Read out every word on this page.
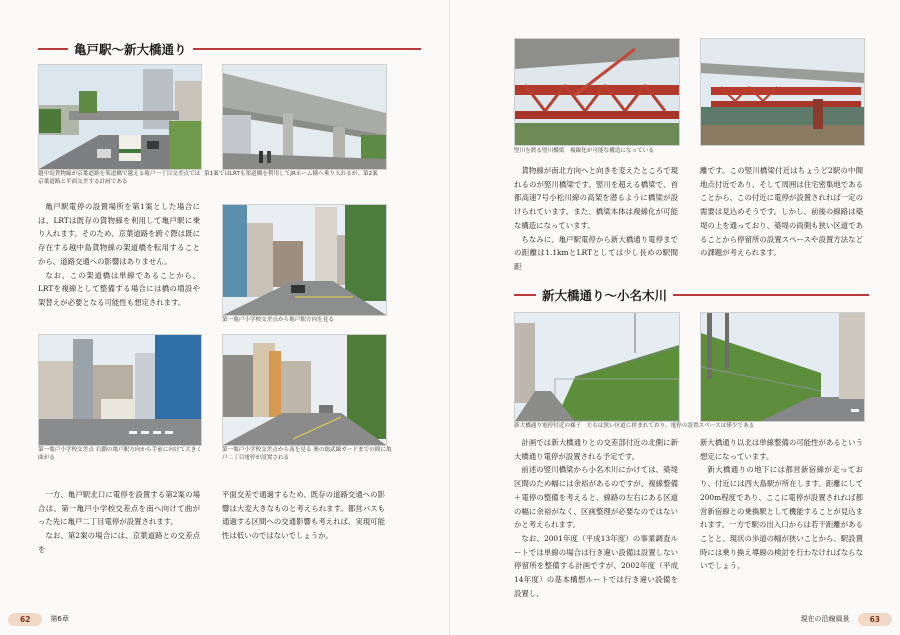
亀戸駅〜新大橋通り
越中島貨物線が京葉道路を架道橋で越える亀戸一丁目交差点では京葉道路と平面交差する計画である
第1案ではLRTも架道橋を利用してJRホーム横へ乗り入れるが、第2案

亀戸駅電停の設置場所を第1案とした場合には、LRTは既存の貨物線を利用して亀戸駅に乗り入れます。そのため、京葉道路を跨ぐ際は既に存在する越中島貨物線の架道橋を転用することから、道路交通への影響はありません。

なお、この架道橋は単線であることから、LRTを複線として整備する場合には橋の増設や架替えが必要となる可能性も想定されます。

第一亀戸小学校交差点から亀戸駅方向を見る
第一亀戸小学校交差点 右側の亀戸駅方向から手前に向けて大きく曲がる
第一亀戸小学校交差点から南を見る 奥の総武線ガードまでの間に亀戸二丁目電停が設置される

一方、亀戸駅北口に電停を設置する第2案の場合は、第一亀戸小学校交差点を南へ向けて曲がった先に亀戸二丁目電停が設置されます。

なお、第2案の場合には、京葉道路との交差点を

平面交差で通過するため、既存の道路交通への影響は大変大きなものと考えられます。都営バスも通過する区間への交通影響も考えれば、実現可能性は低いのではないでしょうか。

62	第6章
竪川を渡る竪川橋梁　複線化が可能な構造になっている

貨物線が南北方向へと向きを変えたところで現れるのが竪川橋梁です。竪川を超える橋梁で、首都高速7号小松川線の高架を潜るように橋梁が設けられています。また、橋梁本体は複線化が可能な構造になっています。

ちなみに、亀戸駅電停から新大橋通り電停までの距離は1.1kmとLRTとしては少し長めの駅間距

離です。この竪川橋梁付近はちょうど2駅の中間地点付近であり、そして周囲は住宅密集地であることから、この付近に電停が設置されれば一定の需要は見込めそうです。しかし、前後の線路は築堤の上を通っており、築堤の両側も狭い区道であることから停留所の設置スペースや設置方法などの課題が考えられます。

新大橋通り〜小名木川
新大橋通り電停付近の様子　左右は狭い区道に挟まれており、電停の設置スペースは僅少である

計画では新大橋通りとの交差部付近の北側に新大橋通り電停が設置される予定です。

前述の竪川橋梁から小名木川にかけては、築堤区間のため幅には余裕があるのですが、複線整備＋電停の整備を考えると、線路の左右にある区道の幅に余裕がなく、区画整理が必要なのではないかと考えられます。

なお、2001年度（平成13年度）の事業調査ルートでは単線の場合は行き違い設備は設置しない停留所を整備する計画ですが、2002年度（平成14年度）の基本構想ルートでは行き違い設備を設置し、

新大橋通り以北は単線整備の可能性があるという想定になっています。

新大橋通りの地下には都営新宿線が走っており、付近には西大島駅が所在します。距離にして200m程度であり、ここに電停が設置されれば都営新宿線との乗換駅として機能することが見込まれます。一方で駅の出入口からは若干距離があることと、現状の歩道の幅が狭いことから、駅設置時には乗り換え導線の検討を行わなければならないでしょう。

現在の沿線風景	63
